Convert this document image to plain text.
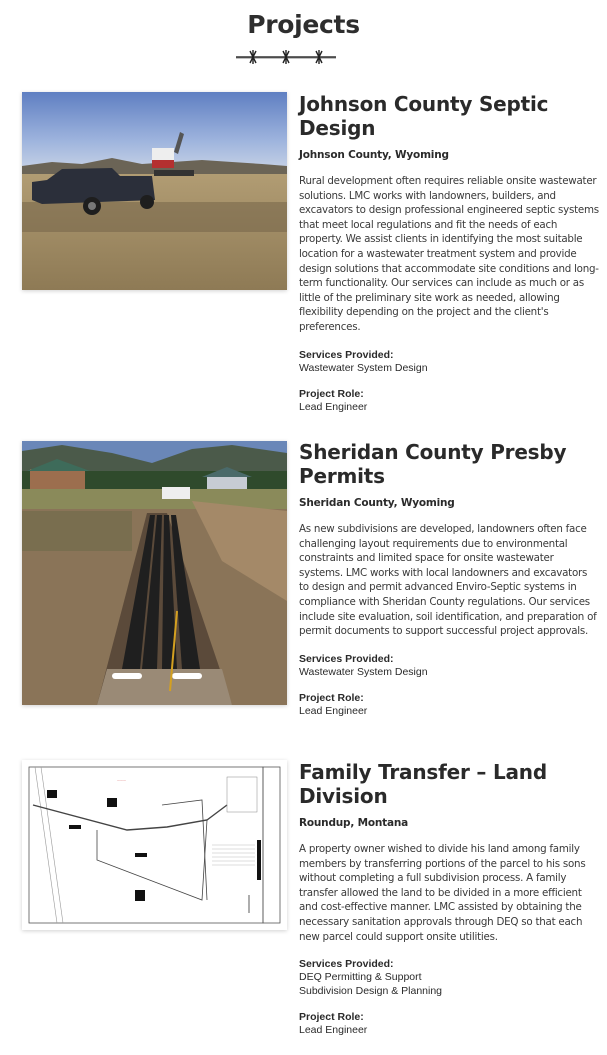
Projects
Johnson County Septic Design
Johnson County, Wyoming

Rural development often requires reliable onsite wastewater solutions. LMC works with landowners, builders, and excavators to design professional engineered septic systems that meet local regulations and fit the needs of each property. We assist clients in identifying the most suitable location for a wastewater treatment system and provide design solutions that accommodate site conditions and long-term functionality. Our services can include as much or as little of the preliminary site work as needed, allowing flexibility depending on the project and the client's preferences.

Services Provided:
Wastewater System Design
Project Role:
Lead Engineer
Sheridan County Presby Permits
Sheridan County, Wyoming

As new subdivisions are developed, landowners often face challenging layout requirements due to environmental constraints and limited space for onsite wastewater systems. LMC works with local landowners and excavators to design and permit advanced Enviro-Septic systems in compliance with Sheridan County regulations. Our services include site evaluation, soil identification, and preparation of permit documents to support successful project approvals.

Services Provided:
Wastewater System Design
Project Role:
Lead Engineer
———	Family Transfer – Land Division
Roundup, Montana

A property owner wished to divide his land among family members by transferring portions of the parcel to his sons without completing a full subdivision process. A family transfer allowed the land to be divided in a more efficient and cost-effective manner. LMC assisted by obtaining the necessary sanitation approvals through DEQ so that each new parcel could support onsite utilities.

Services Provided:
DEQ Permitting & Support
Subdivision Design & Planning
Project Role:
Lead Engineer
